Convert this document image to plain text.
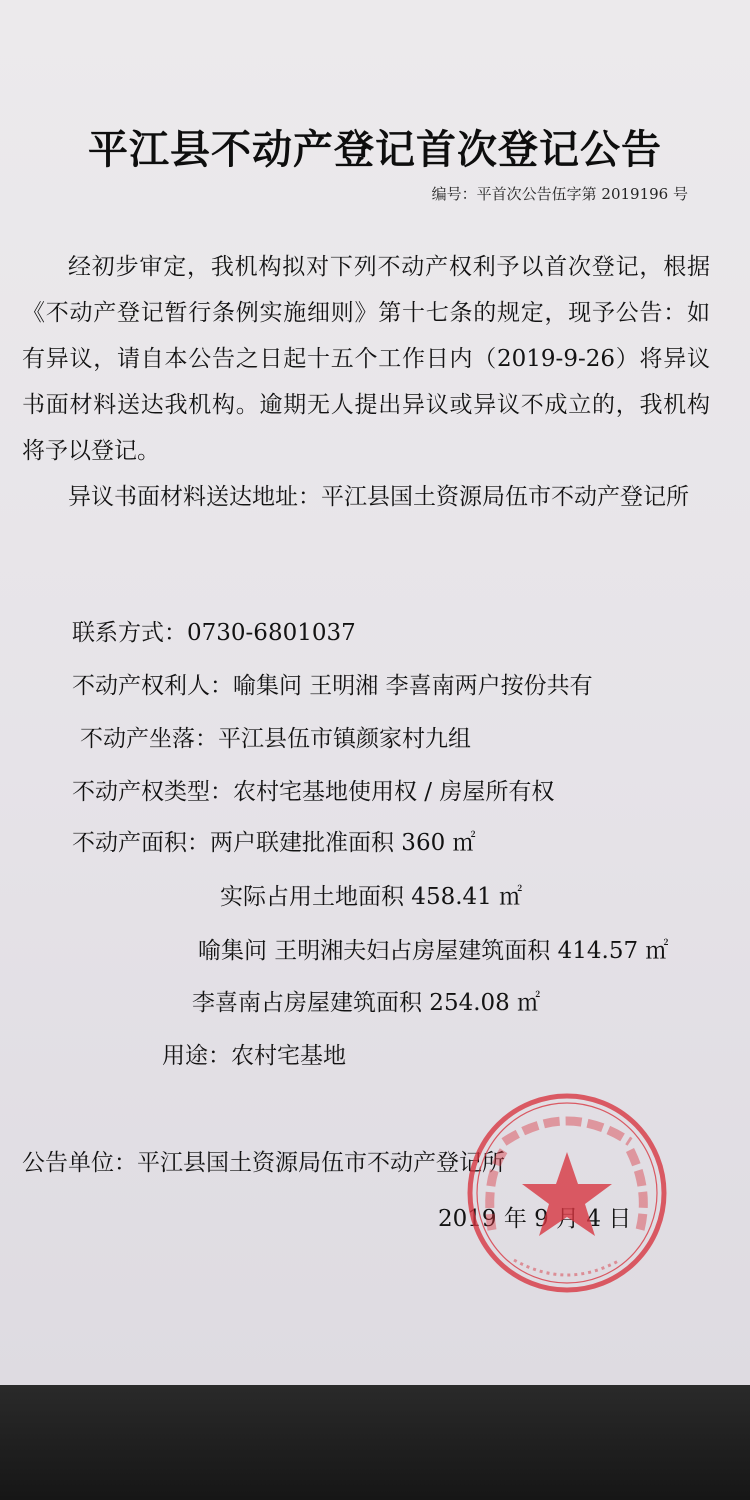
平江县不动产登记首次登记公告
编号：平首次公告伍字第 2019196 号

经初步审定，我机构拟对下列不动产权利予以首次登记，根据《不动产登记暂行条例实施细则》第十七条的规定，现予公告：如有异议，请自本公告之日起十五个工作日内（2019-9-26）将异议书面材料送达我机构。逾期无人提出异议或异议不成立的，我机构将予以登记。

异议书面材料送达地址：平江县国土资源局伍市不动产登记所

联系方式：0730-6801037
不动产权利人：喻集问 王明湘 李喜南两户按份共有
不动产坐落：平江县伍市镇颜家村九组
不动产权类型：农村宅基地使用权 / 房屋所有权
不动产面积：两户联建批准面积 360 ㎡
实际占用土地面积 458.41 ㎡
喻集问 王明湘夫妇占房屋建筑面积 414.57 ㎡
李喜南占房屋建筑面积 254.08 ㎡
用途：农村宅基地
公告单位：平江县国土资源局伍市不动产登记所
2019 年 9 月 4 日
